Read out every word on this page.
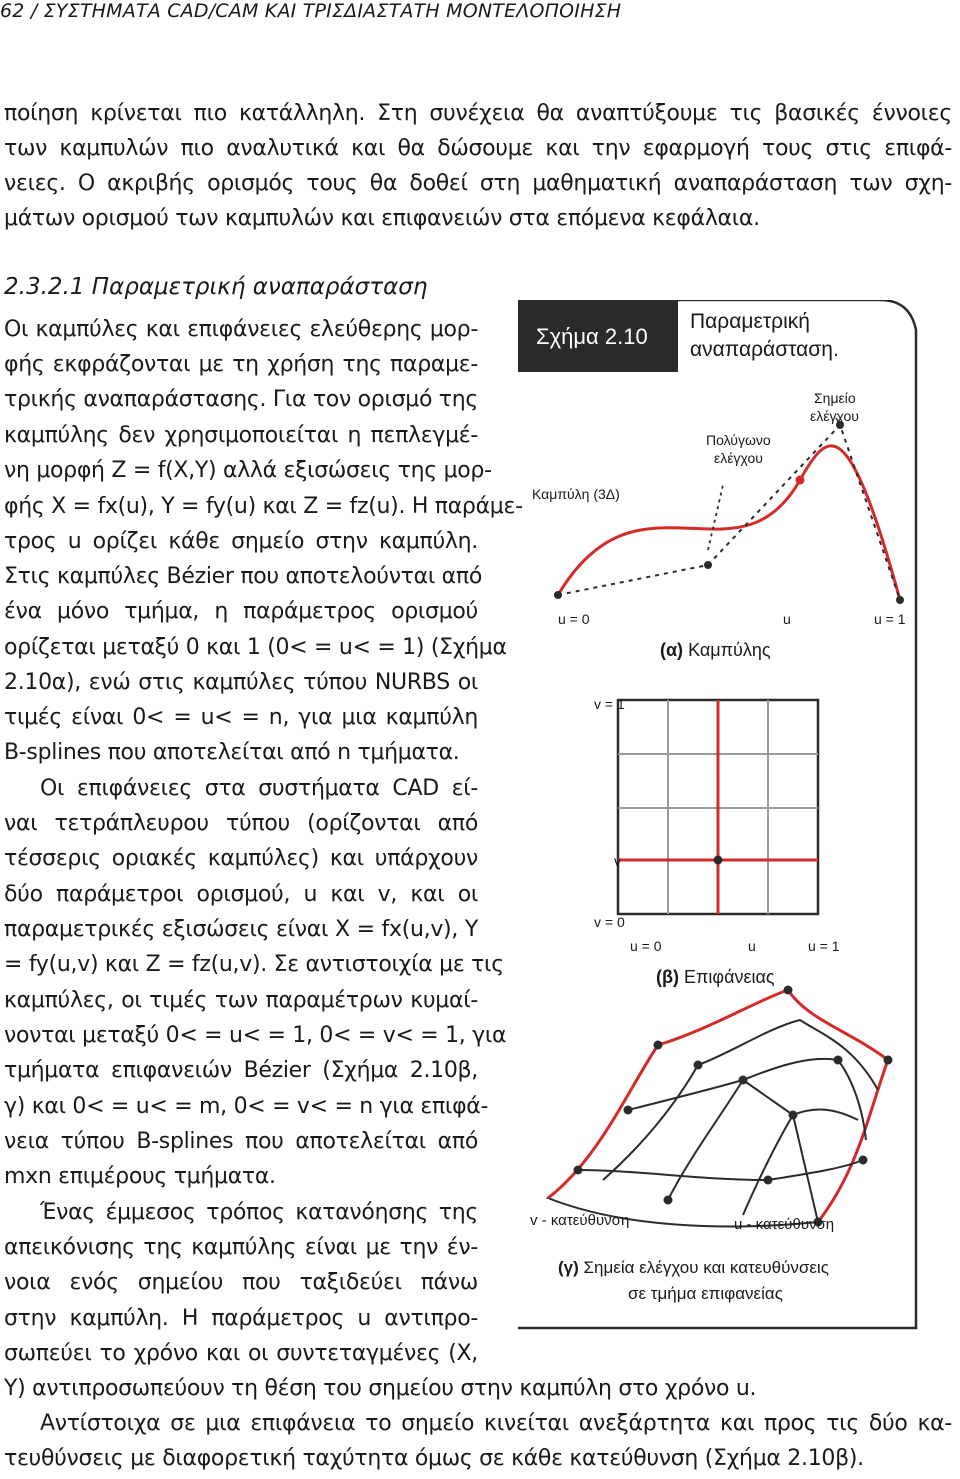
62 / ΣΥΣΤΗΜΑΤΑ CAD/CAM ΚΑΙ ΤΡΙΣΔΙΑΣΤΑΤΗ ΜΟΝΤΕΛΟΠΟΙΗΣΗ
ποίηση κρίνεται πιο κατάλληλη. Στη συνέχεια θα αναπτύξουμε τις βασικές έννοιες
των καμπυλών πιο αναλυτικά και θα δώσουμε και την εφαρμογή τους στις επιφά-
νειες. Ο ακριβής ορισμός τους θα δοθεί στη μαθηματική αναπαράσταση των σχη-
μάτων ορισμού των καμπυλών και επιφανειών στα επόμενα κεφάλαια.
2.3.2.1 Παραμετρική αναπαράσταση
Οι καμπύλες και επιφάνειες ελεύθερης μορ-
φής εκφράζονται με τη χρήση της παραμε-
τρικής αναπαράστασης. Για τον ορισμό της
καμπύλης δεν χρησιμοποιείται η πεπλεγμέ-
νη μορφή Z = f(X,Y) αλλά εξισώσεις της μορ-
φής X = fx(u), Y = fy(u) και Z = fz(u). Η παράμε-
τρος u ορίζει κάθε σημείο στην καμπύλη.
Στις καμπύλες Bézier που αποτελούνται από
ένα μόνο τμήμα, η παράμετρος ορισμού
ορίζεται μεταξύ 0 και 1 (0< = u< = 1) (Σχήμα
2.10α), ενώ στις καμπύλες τύπου NURBS οι
τιμές είναι 0< = u< = n, για μια καμπύλη
B-splines που αποτελείται από n τμήματα.
Οι επιφάνειες στα συστήματα CAD εί-
ναι τετράπλευρου τύπου (ορίζονται από
τέσσερις οριακές καμπύλες) και υπάρχουν
δύο παράμετροι ορισμού, u και v, και οι
παραμετρικές εξισώσεις είναι X = fx(u,v), Y
= fy(u,v) και Z = fz(u,v). Σε αντιστοιχία με τις
καμπύλες, οι τιμές των παραμέτρων κυμαί-
νονται μεταξύ 0< = u< = 1, 0< = v< = 1, για
τμήματα επιφανειών Bézier (Σχήμα 2.10β,
γ) και 0< = u< = m, 0< = v< = n για επιφά-
νεια τύπου B-splines που αποτελείται από
mxn επιμέρους τμήματα.
Ένας έμμεσος τρόπος κατανόησης της
απεικόνισης της καμπύλης είναι με την έν-
νοια ενός σημείου που ταξιδεύει πάνω
στην καμπύλη. Η παράμετρος u αντιπρο-
σωπεύει το χρόνο και οι συντεταγμένες (X,
Y) αντιπροσωπεύουν τη θέση του σημείου στην καμπύλη στο χρόνο u.
Αντίστοιχα σε μια επιφάνεια το σημείο κινείται ανεξάρτητα και προς τις δύο κα-
τευθύνσεις με διαφορετική ταχύτητα όμως σε κάθε κατεύθυνση (Σχήμα 2.10β).
Σχήμα 2.10
Παραμετρική
αναπαράσταση.
Σημείο
ελέγχου
Πολύγωνο
ελέγχου
Καμπύλη (3Δ)
u = 0	u	u = 1
(α) Καμπύλης
v = 1
v
v = 0
u = 0	u	u = 1
(β) Επιφάνειας
v - κατεύθυνση	u - κατεύθυνση
(γ) Σημεία ελέγχου και κατευθύνσεις
σε τμήμα επιφανείας
